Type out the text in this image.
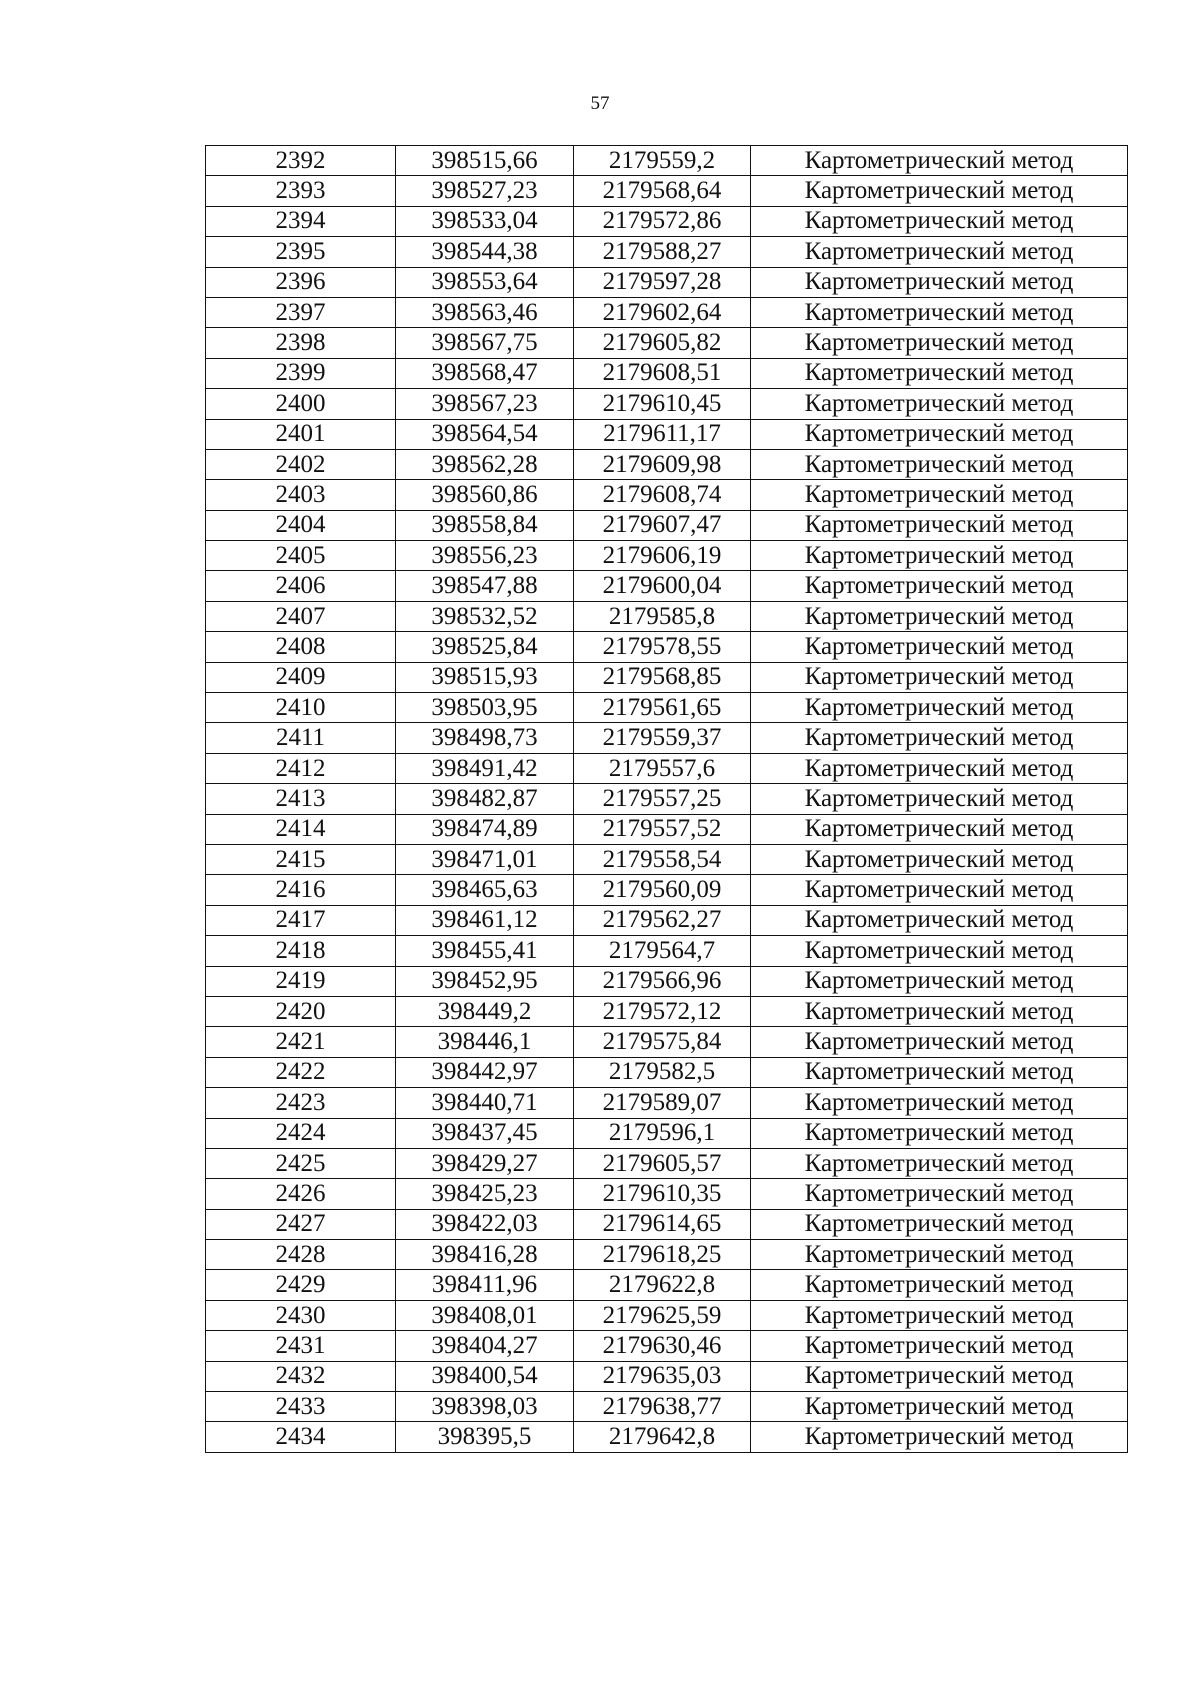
57
2392	398515,66	2179559,2	Картометрический метод
2393	398527,23	2179568,64	Картометрический метод
2394	398533,04	2179572,86	Картометрический метод
2395	398544,38	2179588,27	Картометрический метод
2396	398553,64	2179597,28	Картометрический метод
2397	398563,46	2179602,64	Картометрический метод
2398	398567,75	2179605,82	Картометрический метод
2399	398568,47	2179608,51	Картометрический метод
2400	398567,23	2179610,45	Картометрический метод
2401	398564,54	2179611,17	Картометрический метод
2402	398562,28	2179609,98	Картометрический метод
2403	398560,86	2179608,74	Картометрический метод
2404	398558,84	2179607,47	Картометрический метод
2405	398556,23	2179606,19	Картометрический метод
2406	398547,88	2179600,04	Картометрический метод
2407	398532,52	2179585,8	Картометрический метод
2408	398525,84	2179578,55	Картометрический метод
2409	398515,93	2179568,85	Картометрический метод
2410	398503,95	2179561,65	Картометрический метод
2411	398498,73	2179559,37	Картометрический метод
2412	398491,42	2179557,6	Картометрический метод
2413	398482,87	2179557,25	Картометрический метод
2414	398474,89	2179557,52	Картометрический метод
2415	398471,01	2179558,54	Картометрический метод
2416	398465,63	2179560,09	Картометрический метод
2417	398461,12	2179562,27	Картометрический метод
2418	398455,41	2179564,7	Картометрический метод
2419	398452,95	2179566,96	Картометрический метод
2420	398449,2	2179572,12	Картометрический метод
2421	398446,1	2179575,84	Картометрический метод
2422	398442,97	2179582,5	Картометрический метод
2423	398440,71	2179589,07	Картометрический метод
2424	398437,45	2179596,1	Картометрический метод
2425	398429,27	2179605,57	Картометрический метод
2426	398425,23	2179610,35	Картометрический метод
2427	398422,03	2179614,65	Картометрический метод
2428	398416,28	2179618,25	Картометрический метод
2429	398411,96	2179622,8	Картометрический метод
2430	398408,01	2179625,59	Картометрический метод
2431	398404,27	2179630,46	Картометрический метод
2432	398400,54	2179635,03	Картометрический метод
2433	398398,03	2179638,77	Картометрический метод
2434	398395,5	2179642,8	Картометрический метод
